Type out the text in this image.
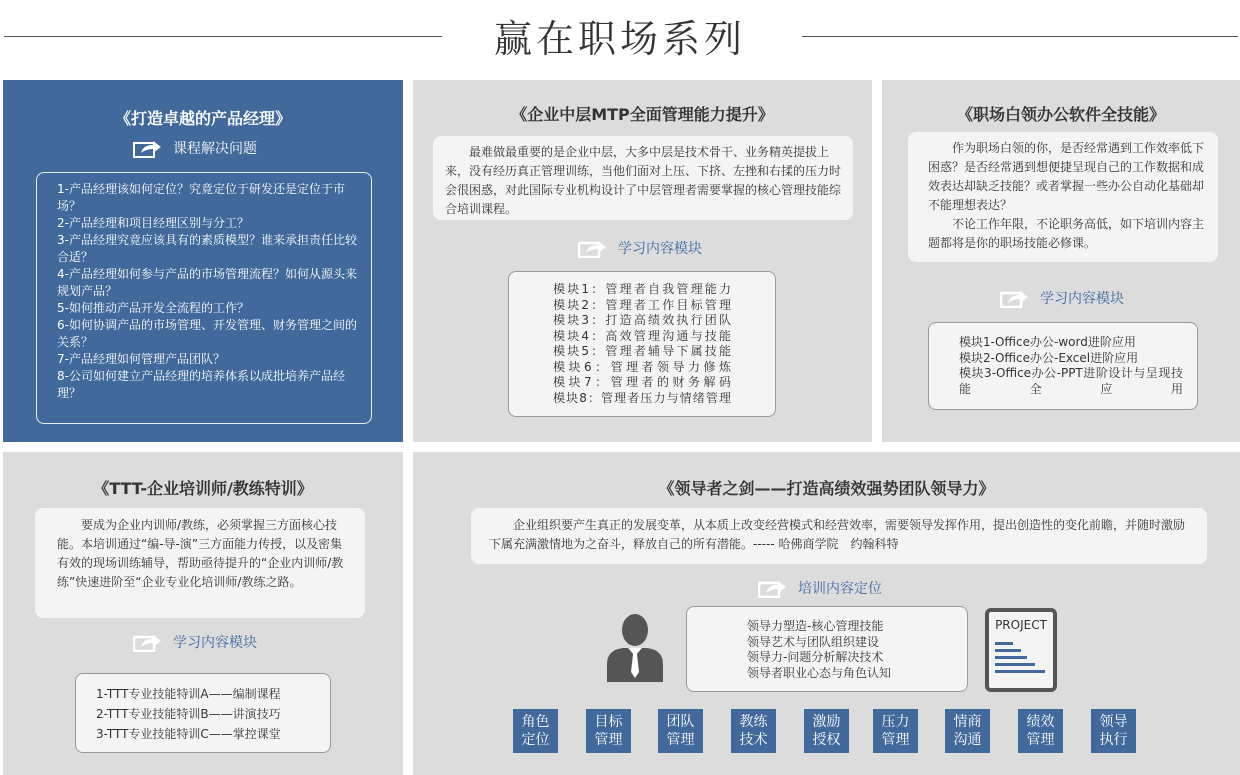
赢在职场系列
《打造卓越的产品经理》
课程解决问题
1-产品经理该如何定位？究竟定位于研发还是定位于市场？
2-产品经理和项目经理区别与分工？
3-产品经理究竟应该具有的素质模型？谁来承担责任比较合适？
4-产品经理如何参与产品的市场管理流程？如何从源头来规划产品？
5-如何推动产品开发全流程的工作？
6-如何协调产品的市场管理、开发管理、财务管理之间的关系？
7-产品经理如何管理产品团队？
8-公司如何建立产品经理的培养体系以成批培养产品经理？
《企业中层MTP全面管理能力提升》
最难做最重要的是企业中层，大多中层是技术骨干、业务精英提拔上来，没有经历真正管理训练，当他们面对上压、下挤、左挫和右揉的压力时会很困惑，对此国际专业机构设计了中层管理者需要掌握的核心管理技能综合培训课程。
学习内容模块
模块1：管理者自我管理能力
模块2：管理者工作目标管理
模块3：打造高绩效执行团队
模块4：高效管理沟通与技能
模块5：管理者辅导下属技能
模块6：管理者领导力修炼
模块7：管理者的财务解码
模块8：管理者压力与情绪管理
《职场白领办公软件全技能》
作为职场白领的你，是否经常遇到工作效率低下困惑？是否经常遇到想便捷呈现自己的工作数据和成效表达却缺乏技能？或者掌握一些办公自动化基础却不能理想表达？
不论工作年限，不论职务高低，如下培训内容主题都将是你的职场技能必修课。
学习内容模块
模块1-Office办公-word进阶应用
模块2-Office办公-Excel进阶应用
模块3-Office办公-PPT进阶设计与呈现技能全应用
《TTT-企业培训师/教练特训》
要成为企业内训师/教练，必须掌握三方面核心技能。本培训通过“编-导-演”三方面能力传授，以及密集有效的现场训练辅导，帮助亟待提升的“企业内训师/教练”快速进阶至“企业专业化培训师/教练之路。
学习内容模块
1-TTT专业技能特训A——编制课程
2-TTT专业技能特训B——讲演技巧
3-TTT专业技能特训C——掌控课堂
《领导者之剑——打造高绩效强势团队领导力》
企业组织要产生真正的发展变革，从本质上改变经营模式和经营效率，需要领导发挥作用，提出创造性的变化前瞻，并随时激励下属充满激情地为之奋斗，释放自己的所有潜能。----- 哈佛商学院　约翰科特
培训内容定位
领导力塑造-核心管理技能
领导艺术与团队组织建设
领导力-问题分析解决技术
领导者职业心态与角色认知
PROJECT
角色定位
目标管理
团队管理
教练技术
激励授权
压力管理
情商沟通
绩效管理
领导执行
